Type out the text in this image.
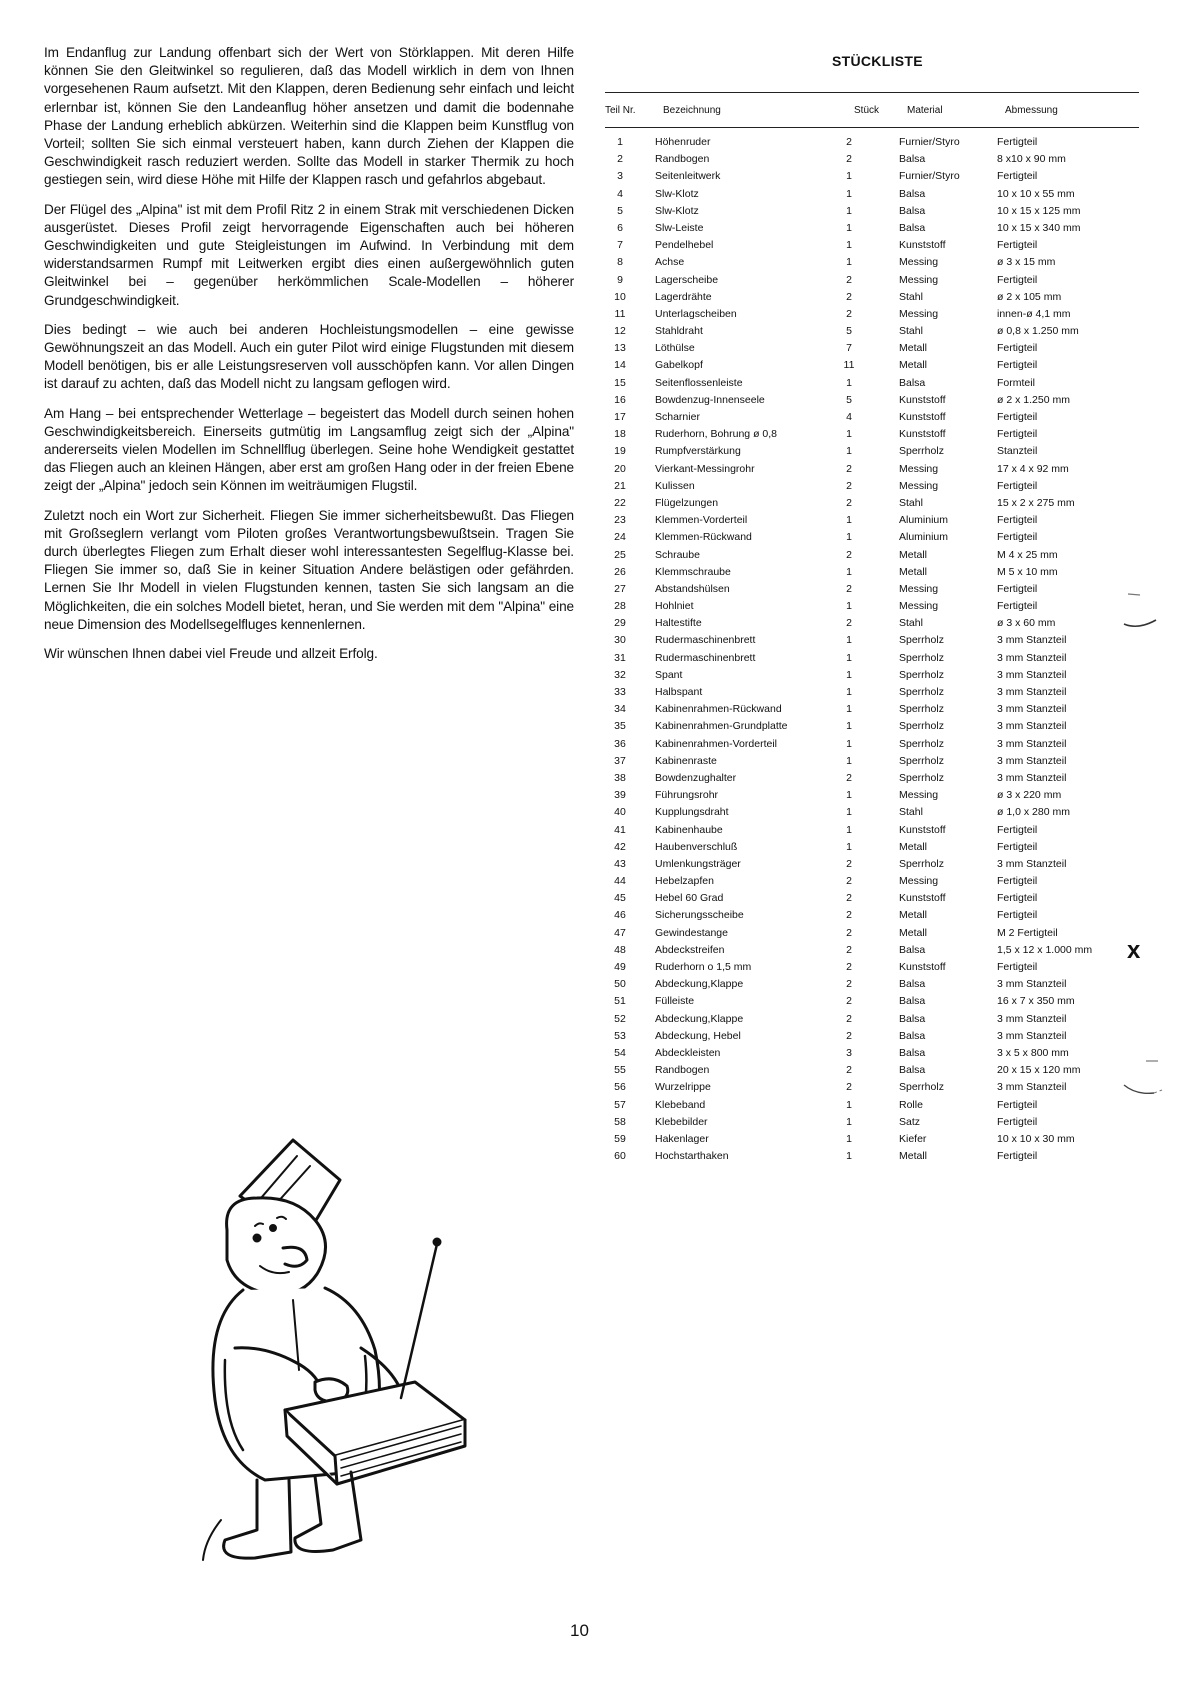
Im Endanflug zur Landung offenbart sich der Wert von Störklappen. Mit deren Hilfe können Sie den Gleitwinkel so regulieren, daß das Modell wirklich in dem von Ihnen vorgesehenen Raum aufsetzt. Mit den Klappen, deren Bedienung sehr einfach und leicht erlernbar ist, können Sie den Landeanflug höher ansetzen und damit die bodennahe Phase der Landung erheblich abkürzen. Weiterhin sind die Klappen beim Kunstflug von Vorteil; sollten Sie sich einmal versteuert haben, kann durch Ziehen der Klappen die Geschwindigkeit rasch reduziert werden. Sollte das Modell in starker Thermik zu hoch gestiegen sein, wird diese Höhe mit Hilfe der Klappen rasch und gefahrlos abgebaut.

Der Flügel des „Alpina" ist mit dem Profil Ritz 2 in einem Strak mit verschiedenen Dicken ausgerüstet. Dieses Profil zeigt hervorragende Eigenschaften auch bei höheren Geschwindigkeiten und gute Steigleistungen im Aufwind. In Verbindung mit dem widerstandsarmen Rumpf mit Leitwerken ergibt dies einen außergewöhnlich guten Gleitwinkel bei – gegenüber herkömmlichen Scale-Modellen – höherer Grundgeschwindigkeit.

Dies bedingt – wie auch bei anderen Hochleistungsmodellen – eine gewisse Gewöhnungszeit an das Modell. Auch ein guter Pilot wird einige Flugstunden mit diesem Modell benötigen, bis er alle Leistungsreserven voll ausschöpfen kann. Vor allen Dingen ist darauf zu achten, daß das Modell nicht zu langsam geflogen wird.

Am Hang – bei entsprechender Wetterlage – begeistert das Modell durch seinen hohen Geschwindigkeitsbereich. Einerseits gutmütig im Langsamflug zeigt sich der „Alpina" andererseits vielen Modellen im Schnellflug überlegen. Seine hohe Wendigkeit gestattet das Fliegen auch an kleinen Hängen, aber erst am großen Hang oder in der freien Ebene zeigt der „Alpina" jedoch sein Können im weiträumigen Flugstil.

Zuletzt noch ein Wort zur Sicherheit. Fliegen Sie immer sicherheitsbewußt. Das Fliegen mit Großseglern verlangt vom Piloten großes Verantwortungsbewußtsein. Tragen Sie durch überlegtes Fliegen zum Erhalt dieser wohl interessantesten Segelflug-Klasse bei. Fliegen Sie immer so, daß Sie in keiner Situation Andere belästigen oder gefährden. Lernen Sie Ihr Modell in vielen Flugstunden kennen, tasten Sie sich langsam an die Möglichkeiten, die ein solches Modell bietet, heran, und Sie werden mit dem "Alpina" eine neue Dimension des Modellsegelfluges kennenlernen.

Wir wünschen Ihnen dabei viel Freude und allzeit Erfolg.

STÜCKLISTE
Teil Nr.	Bezeichnung	Stück	Material	Abmessung
1	Höhenruder	2	Furnier/Styro	Fertigteil
2	Randbogen	2	Balsa	8 x10 x 90 mm
3	Seitenleitwerk	1	Furnier/Styro	Fertigteil
4	Slw-Klotz	1	Balsa	10 x 10 x 55 mm
5	Slw-Klotz	1	Balsa	10 x 15 x 125 mm
6	Slw-Leiste	1	Balsa	10 x 15 x 340 mm
7	Pendelhebel	1	Kunststoff	Fertigteil
8	Achse	1	Messing	ø 3 x 15 mm
9	Lagerscheibe	2	Messing	Fertigteil
10	Lagerdrähte	2	Stahl	ø 2 x 105 mm
11	Unterlagscheiben	2	Messing	innen-ø 4,1 mm
12	Stahldraht	5	Stahl	ø 0,8 x 1.250 mm
13	Löthülse	7	Metall	Fertigteil
14	Gabelkopf	11	Metall	Fertigteil
15	Seitenflossenleiste	1	Balsa	Formteil
16	Bowdenzug-Innenseele	5	Kunststoff	ø 2 x 1.250 mm
17	Scharnier	4	Kunststoff	Fertigteil
18	Ruderhorn, Bohrung ø 0,8	1	Kunststoff	Fertigteil
19	Rumpfverstärkung	1	Sperrholz	Stanzteil
20	Vierkant-Messingrohr	2	Messing	17 x 4 x 92 mm
21	Kulissen	2	Messing	Fertigteil
22	Flügelzungen	2	Stahl	15 x 2 x 275 mm
23	Klemmen-Vorderteil	1	Aluminium	Fertigteil
24	Klemmen-Rückwand	1	Aluminium	Fertigteil
25	Schraube	2	Metall	M 4 x 25 mm
26	Klemmschraube	1	Metall	M 5 x 10 mm
27	Abstandshülsen	2	Messing	Fertigteil
28	Hohlniet	1	Messing	Fertigteil
29	Haltestifte	2	Stahl	ø 3 x 60 mm
30	Rudermaschinenbrett	1	Sperrholz	3 mm Stanzteil
31	Rudermaschinenbrett	1	Sperrholz	3 mm Stanzteil
32	Spant	1	Sperrholz	3 mm Stanzteil
33	Halbspant	1	Sperrholz	3 mm Stanzteil
34	Kabinenrahmen-Rückwand	1	Sperrholz	3 mm Stanzteil
35	Kabinenrahmen-Grundplatte	1	Sperrholz	3 mm Stanzteil
36	Kabinenrahmen-Vorderteil	1	Sperrholz	3 mm Stanzteil
37	Kabinenraste	1	Sperrholz	3 mm Stanzteil
38	Bowdenzughalter	2	Sperrholz	3 mm Stanzteil
39	Führungsrohr	1	Messing	ø 3 x 220 mm
40	Kupplungsdraht	1	Stahl	ø 1,0 x 280 mm
41	Kabinenhaube	1	Kunststoff	Fertigteil
42	Haubenverschluß	1	Metall	Fertigteil
43	Umlenkungsträger	2	Sperrholz	3 mm Stanzteil
44	Hebelzapfen	2	Messing	Fertigteil
45	Hebel 60 Grad	2	Kunststoff	Fertigteil
46	Sicherungsscheibe	2	Metall	Fertigteil
47	Gewindestange	2	Metall	M 2 Fertigteil
48	Abdeckstreifen	2	Balsa	1,5 x 12 x 1.000 mm
49	Ruderhorn o 1,5 mm	2	Kunststoff	Fertigteil
50	Abdeckung,Klappe	2	Balsa	3 mm Stanzteil
51	Fülleiste	2	Balsa	16 x 7 x 350 mm
52	Abdeckung,Klappe	2	Balsa	3 mm Stanzteil
53	Abdeckung, Hebel	2	Balsa	3 mm Stanzteil
54	Abdeckleisten	3	Balsa	3 x 5 x 800 mm
55	Randbogen	2	Balsa	20 x 15 x 120 mm
56	Wurzelrippe	2	Sperrholz	3 mm Stanzteil
57	Klebeband	1	Rolle	Fertigteil
58	Klebebilder	1	Satz	Fertigteil
59	Hakenlager	1	Kiefer	10 x 10 x 30 mm
60	Hochstarthaken	1	Metall	Fertigteil
x
10
